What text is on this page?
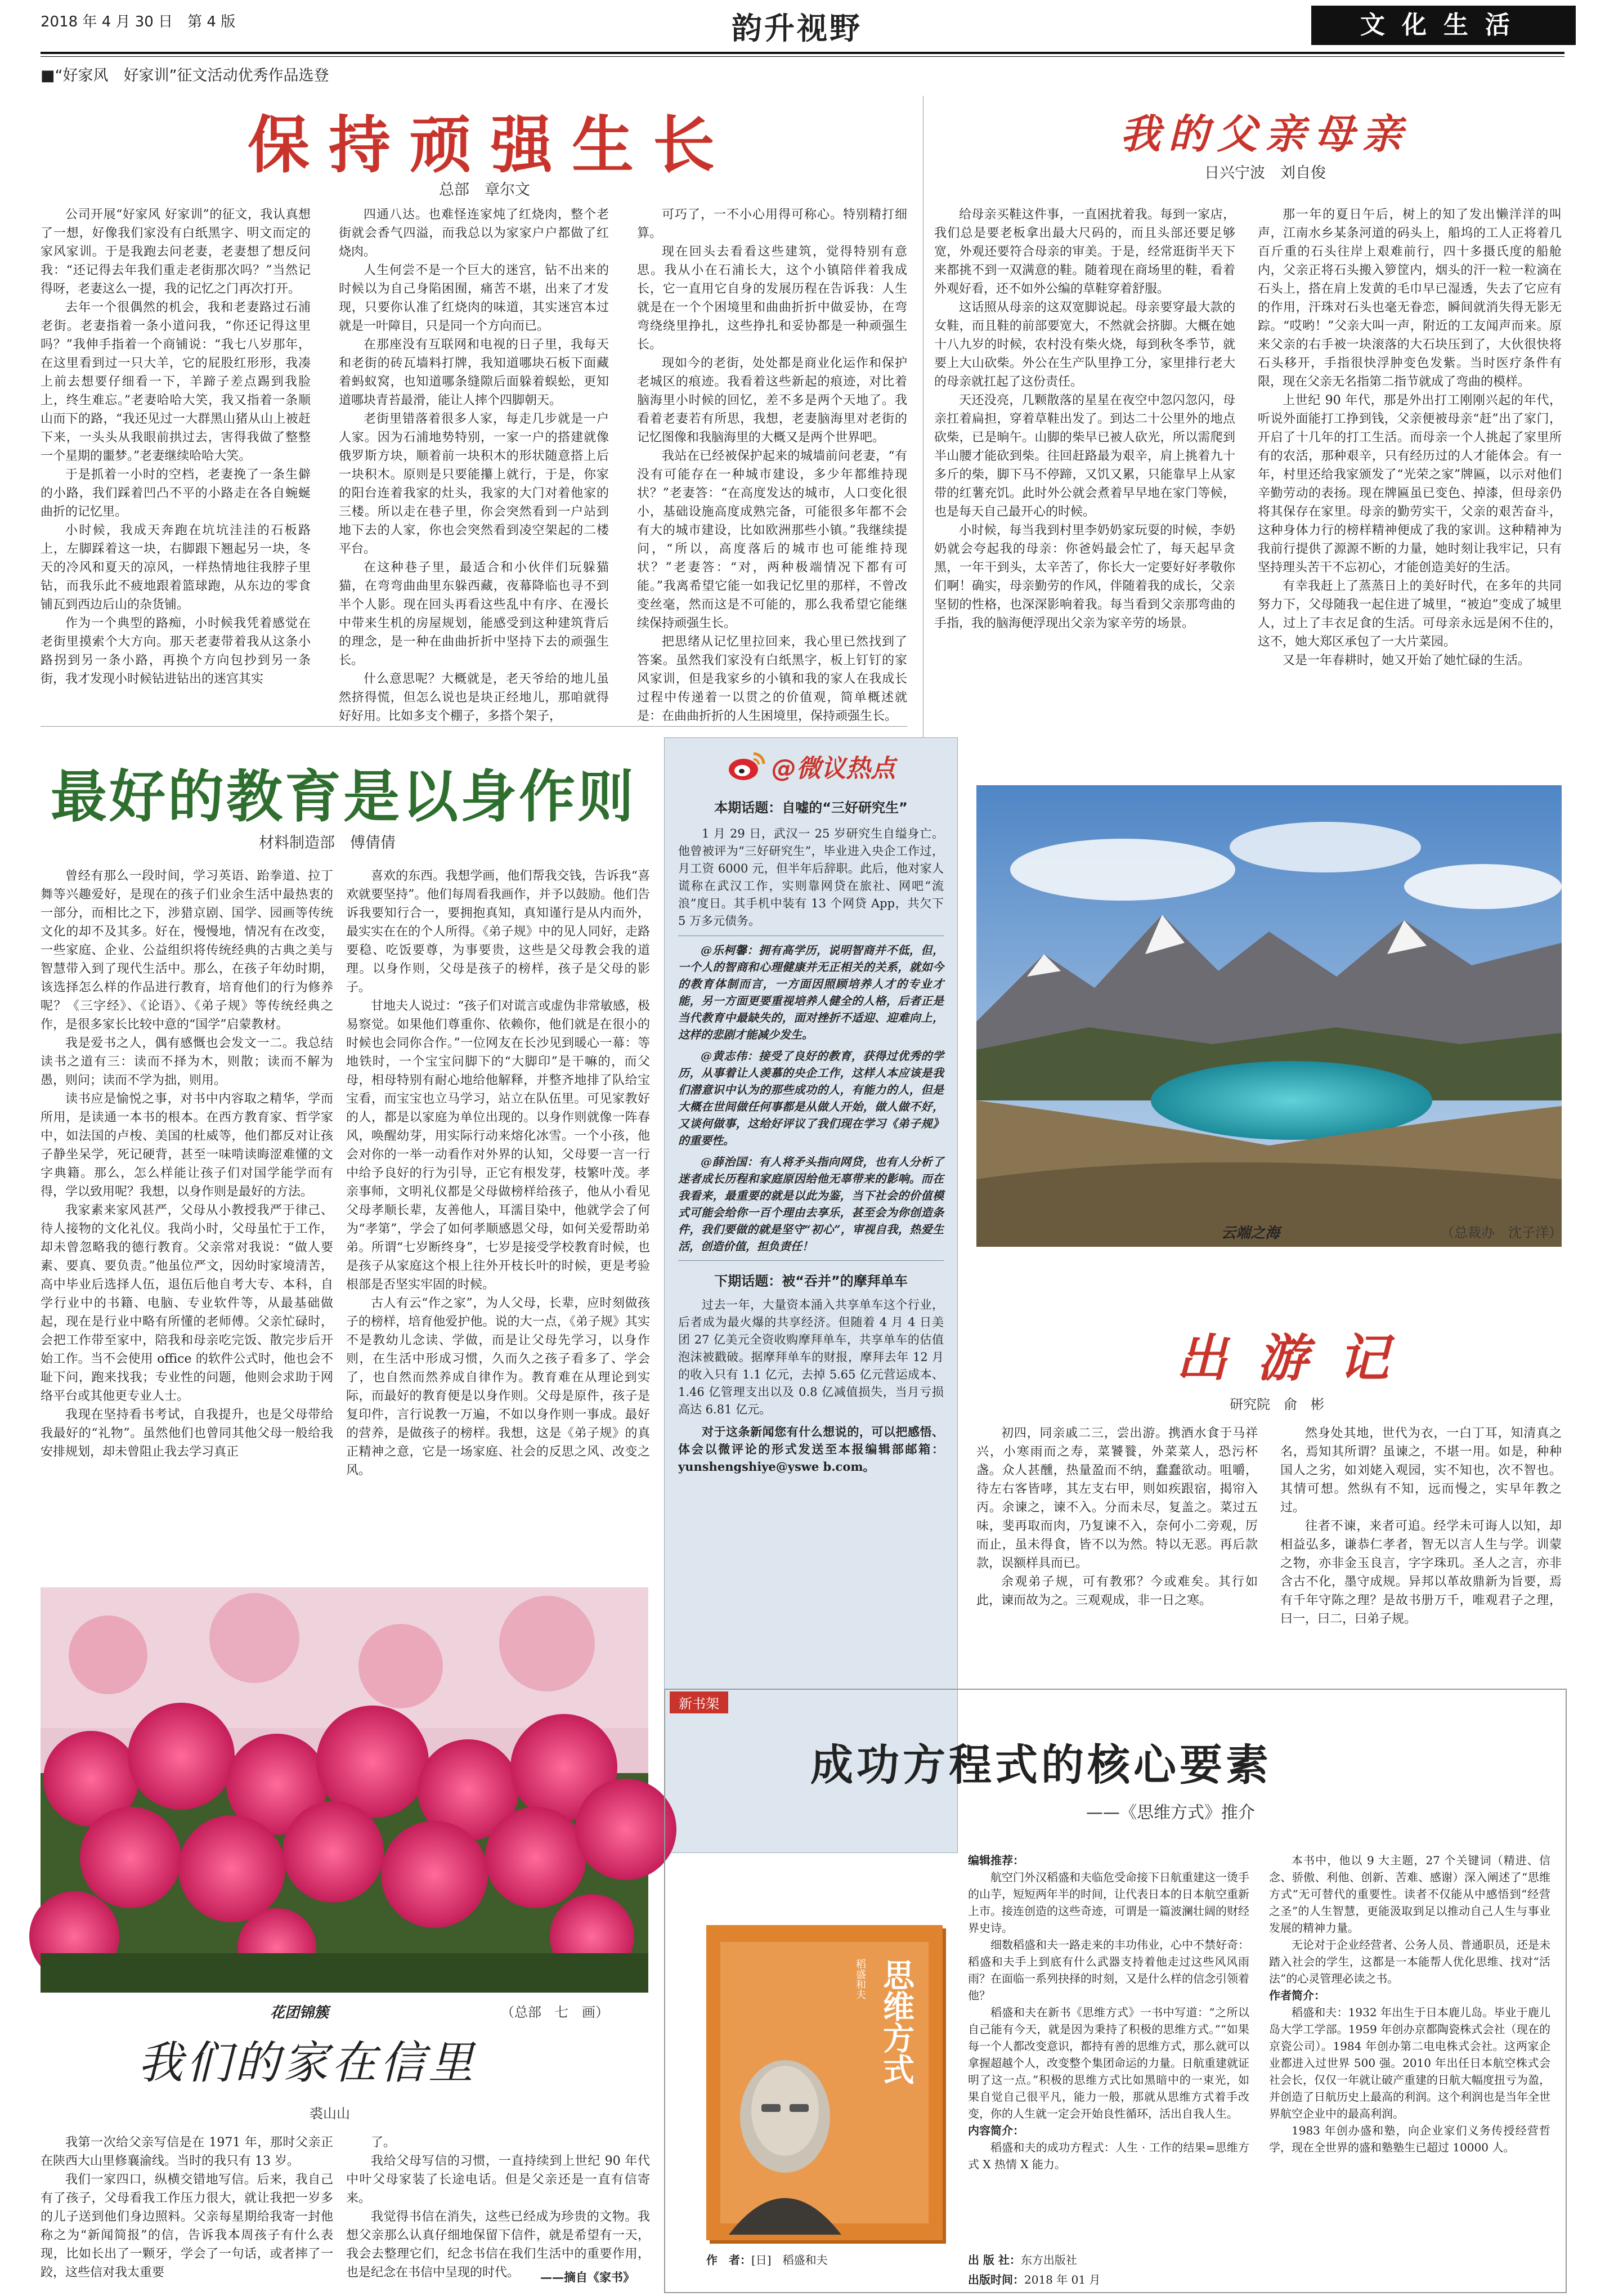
2018 年 4 月 30 日　第 4 版	韵升视野	文化生活
■“好家风　好家训”征文活动优秀作品选登
保持顽强生长
总部　章尔文

公司开展“好家风 好家训”的征文，我认真想了一想，好像我们家没有白纸黑字、明文而定的家风家训。于是我跑去问老妻，老妻想了想反问我：“还记得去年我们重走老街那次吗？”当然记得呀，老妻这么一提，我的记忆之门再次打开。

去年一个很偶然的机会，我和老妻路过石浦老街。老妻指着一条小道问我，“你还记得这里吗？”我伸手指着一个商铺说：“我七八岁那年，在这里看到过一只大羊，它的屁股红形形，我凑上前去想要仔细看一下，羊蹄子差点踢到我脸上，终生难忘。”老妻哈哈大笑，我又指着一条顺山而下的路，“我还见过一大群黑山猪从山上被赶下来，一头头从我眼前拱过去，害得我做了整整一个星期的噩梦。”老妻继续哈哈大笑。

于是抓着一小时的空档，老妻挽了一条生僻的小路，我们踩着凹凸不平的小路走在各自蜿蜒曲折的记忆里。

小时候，我成天奔跑在坑坑洼洼的石板路上，左脚踩着这一块，右脚跟下翘起另一块，冬天的冷风和夏天的凉风，一样热情地往我脖子里钻，而我乐此不疲地跟着篮球跑，从东边的零食铺瓦到西边后山的杂货铺。

作为一个典型的路痴，小时候我凭着感觉在老街里摸索个大方向。那天老妻带着我从这条小路拐到另一条小路，再换个方向包抄到另一条街，我才发现小时候钻进钻出的迷宫其实

四通八达。也难怪连家炖了红烧肉，整个老街就会香气四溢，而我总以为家家户户都做了红烧肉。

人生何尝不是一个巨大的迷宫，钻不出来的时候以为自己身陷困囿，痛苦不堪，出来了才发现，只要你认准了红烧肉的味道，其实迷宫本过就是一叶障目，只是同一个方向而已。

在那座没有互联网和电视的日子里，我每天和老街的砖瓦墙料打牌，我知道哪块石板下面藏着蚂蚁窝，也知道哪条缝隙后面躲着蜈蚣，更知道哪块青苔最滑，能让人摔个四脚朝天。

老街里错落着很多人家，每走几步就是一户人家。因为石浦地势特别，一家一户的搭建就像俄罗斯方块，顺着前一块积木的形状随意搭上后一块积木。原则是只要能攥上就行，于是，你家的阳台连着我家的灶头，我家的大门对着他家的三楼。所以走在巷子里，你会突然看到一户站到地下去的人家，你也会突然看到凌空架起的二楼平台。

在这种巷子里，最适合和小伙伴们玩躲猫猫，在弯弯曲曲里东躲西藏，夜幕降临也寻不到半个人影。现在回头再看这些乱中有序、在漫长中带来生机的房屋规划，能感受到这种建筑背后的理念，是一种在曲曲折折中坚持下去的顽强生长。

什么意思呢？大概就是，老天爷给的地儿虽然挤得慌，但怎么说也是块正经地儿，那咱就得好好用。比如多支个棚子，多搭个架子，

可巧了，一不小心用得可称心。特别精打细算。

现在回头去看看这些建筑，觉得特别有意思。我从小在石浦长大，这个小镇陪伴着我成长，它一直用它自身的发展历程在告诉我：人生就是在一个个困境里和曲曲折折中做妥协，在弯弯绕绕里挣扎，这些挣扎和妥协都是一种顽强生长。

现如今的老街，处处都是商业化运作和保护老城区的痕迹。我看着这些新起的痕迹，对比着脑海里小时候的回忆，差不多是两个天地了。我看着老妻若有所思，我想，老妻脑海里对老街的记忆图像和我脑海里的大概又是两个世界吧。

我站在已经被保护起来的城墙前问老妻，“有没有可能存在一种城市建设，多少年都维持现状？”老妻答：“在高度发达的城市，人口变化很小，基础设施高度成熟完备，可能很多年都不会有大的城市建设，比如欧洲那些小镇。”我继续提问，“所以，高度落后的城市也可能维持现状？”老妻答：“对，两种极端情况下都有可能。”我离希望它能一如我记忆里的那样，不曾改变丝毫，然而这是不可能的，那么我希望它能继续保持顽强生长。

把思绪从记忆里拉回来，我心里已然找到了答案。虽然我们家没有白纸黑字，板上钉钉的家风家训，但是我家乡的小镇和我的家人在我成长过程中传递着一以贯之的价值观，简单概述就是：在曲曲折折的人生困境里，保持顽强生长。

我的父亲母亲
日兴宁波　刘自俊

给母亲买鞋这件事，一直困扰着我。每到一家店，我们总是要老板拿出最大尺码的，而且头部还要足够宽，外观还要符合母亲的审美。于是，经常逛街半天下来都挑不到一双满意的鞋。随着现在商场里的鞋，看着外观好看，还不如外公编的草鞋穿着舒服。

这话照从母亲的这双宽脚说起。母亲要穿最大款的女鞋，而且鞋的前部要宽大，不然就会挤脚。大概在她十八九岁的时候，农村没有柴火烧，每到秋冬季节，就要上大山砍柴。外公在生产队里挣工分，家里排行老大的母亲就扛起了这份责任。

天还没亮，几颗散落的星星在夜空中忽闪忽闪，母亲扛着扁担，穿着草鞋出发了。到达二十公里外的地点砍柴，已是晌午。山脚的柴早已被人砍光，所以需爬到半山腰才能砍到柴。往回赶路最为艰辛，肩上挑着九十多斤的柴，脚下马不停蹄，又饥又累，只能靠早上从家带的红薯充饥。此时外公就会煮着早早地在家门等候，也是每天自己最开心的时候。

小时候，每当我到村里李奶奶家玩耍的时候，李奶奶就会夸起我的母亲：你爸妈最会忙了，每天起早贪黑，一年干到头，太辛苦了，你长大一定要好好孝敬你们啊！确实，母亲勤劳的作风，伴随着我的成长，父亲坚韧的性格，也深深影响着我。每当看到父亲那弯曲的手指，我的脑海便浮现出父亲为家辛劳的场景。

那一年的夏日午后，树上的知了发出懒洋洋的叫声，江南水乡某条河道的码头上，船坞的工人正将着几百斤重的石头往岸上艰难前行，四十多摄氏度的船舱内，父亲正将石头搬入箩筐内，烟头的汗一粒一粒滴在石头上，搭在肩上发黄的毛巾早已湿透，失去了它应有的作用，汗珠对石头也毫无眷恋，瞬间就消失得无影无踪。“哎哟！”父亲大叫一声，附近的工友闻声而来。原来父亲的右手被一块滚落的大石块压到了，大伙很快将石头移开，手指很快浮肿变色发紫。当时医疗条件有限，现在父亲无名指第二指节就成了弯曲的模样。

上世纪 90 年代，那是外出打工刚刚兴起的年代，听说外面能打工挣到钱，父亲便被母亲“赶”出了家门，开启了十几年的打工生活。而母亲一个人挑起了家里所有的农活，那种艰辛，只有经历过的人才能体会。有一年，村里还给我家颁发了“光荣之家”牌匾，以示对他们辛勤劳动的表扬。现在牌匾虽已变色、掉漆，但母亲仍将其保存在家里。母亲的勤劳实干，父亲的艰苦奋斗，这种身体力行的榜样精神便成了我的家训。这种精神为我前行提供了源源不断的力量，她时刻让我牢记，只有坚持理头苦干不忘初心，才能创造美好的生活。

有幸我赶上了蒸蒸日上的美好时代，在多年的共同努力下，父母随我一起住进了城里，“被迫”变成了城里人，过上了丰衣足食的生活。可母亲永远是闲不住的，这不，她大郑区承包了一大片菜园。

又是一年春耕时，她又开始了她忙碌的生活。

最好的教育是以身作则
材料制造部　傅倩倩

曾经有那么一段时间，学习英语、跆拳道、拉丁舞等兴趣爱好，是现在的孩子们业余生活中最热衷的一部分，而相比之下，涉猎京剧、国学、园画等传统文化的却不及其多。好在，慢慢地，情况有在改变，一些家庭、企业、公益组织将传统经典的古典之美与智慧带入到了现代生活中。那么，在孩子年幼时期，该选择怎么样的作品进行教育，培育他们的行为修养呢？《三字经》、《论语》、《弟子规》等传统经典之作，是很多家长比较中意的“国学”启蒙教材。

我是爱书之人，偶有感慨也会发文一二。我总结读书之道有三：读而不择为木，则散；读而不解为愚，则问；读而不学为拙，则用。

读书应是愉悦之事，对书中内容取之精华，学而所用，是读通一本书的根本。在西方教育家、哲学家中，如法国的卢梭、美国的杜威等，他们都反对让孩子静坐呆学，死记硬背，甚至一味啃读晦涩难懂的文字典籍。那么，怎么样能让孩子们对国学能学而有得，学以致用呢？我想，以身作则是最好的方法。

我家素来家风甚严，父母从小教授我严于律己、待人接物的文化礼仪。我尚小时，父母虽忙于工作，却未曾忽略我的德行教育。父亲常对我说：“做人要素、要真、要负责。”他虽位严文，因幼时家境清苦，高中毕业后选择人伍，退伍后他自考大专、本科，自学行业中的书籍、电脑、专业软件等，从最基础做起，现在是行业中略有所懂的老师傅。父亲忙碌时，会把工作带至家中，陪我和母亲吃完饭、散完步后开始工作。当不会使用 office 的软件公式时，他也会不耻下问，跑来找我；专业性的问题，他则会求助于网络平台或其他更专业人士。

我现在坚持看书考试，自我提升，也是父母带给我最好的“礼物”。虽然他们也曾同其他父母一般给我安排规划，却未曾阻止我去学习真正

喜欢的东西。我想学画，他们帮我交钱，告诉我“喜欢就要坚持”。他们每周看我画作，并予以鼓励。他们告诉我要知行合一，要拥抱真知，真知谨行是从内而外，最实实在在的个人所得。《弟子规》中的见人同好，走路要稳、吃饭要尊，为事要贵，这些是父母教会我的道理。以身作则，父母是孩子的榜样，孩子是父母的影子。

甘地夫人说过：“孩子们对谎言或虚伪非常敏感，极易察觉。如果他们尊重你、依赖你，他们就是在很小的时候也会同你合作。”一位网友在长沙见到暖心一幕：等地铁时，一个宝宝问脚下的“大脚印”是干嘛的，而父母，相母特别有耐心地给他解释，并整齐地排了队给宝宝看，而宝宝也立马学习，站立在队伍里。可见家教好的人，都是以家庭为单位出现的。以身作则就像一阵春风，唤醒幼芽，用实际行动来熔化冰雪。一个小孩，他会对你的一举一动看作对外界的认知，父母要一言一行中给予良好的行为引导，正它有根发芽，枝繁叶茂。孝亲事师，文明礼仪都是父母做榜样给孩子，他从小看见父母孝顺长辈，友善他人，耳濡目染中，他就学会了何为“孝第”，学会了如何孝顺感恩父母，如何关爱帮助弟弟。所谓“七岁断终身”，七岁是接受学校教育时候，也是孩子从家庭这个根上往外开枝长叶的时候，更是考验根部是否坚实牢固的时候。

古人有云“作之家”，为人父母，长辈，应时刻做孩子的榜样，培育他爱护他。说的大一点，《弟子规》其实不是教幼儿念读、学做，而是让父母先学习，以身作则，在生活中形成习惯，久而久之孩子看多了、学会了，也自然而然养成自律作为。教育难在从理论到实际，而最好的教育便是以身作则。父母是原件，孩子是复印件，言行说教一万遍，不如以身作则一事成。最好的营养，是做孩子的榜样。我想，这是《弟子规》的真正精神之意，它是一场家庭、社会的反思之风、改变之风。

@微议热点
本期话题：自嘘的“三好研究生”

1 月 29 日，武汉一 25 岁研究生自缢身亡。他曾被评为“三好研究生”，毕业进入央企工作过，月工资 6000 元，但半年后辞职。此后，他对家人谎称在武汉工作，实则靠网贷在旅社、网吧“流浪”度日。其手机中装有 13 个网贷 App，共欠下 5 万多元债务。

@乐柯馨：拥有高学历，说明智商并不低，但，一个人的智商和心理健康并无正相关的关系，就如今的教育体制而言，一方面因照顾培养人才的专业才能，另一方面更要重视培养人健全的人格，后者正是当代教育中最缺失的，面对挫折不适迎、迎难向上，这样的悲剧才能减少发生。

@黄志伟：接受了良好的教育，获得过优秀的学历，从事着让人羡慕的央企工作，这样人本应该是我们潜意识中认为的那些成功的人，有能力的人，但是大概在世间做任何事都是从做人开始，做人做不好，又谈何做事，这给好评议了我们现在学习《弟子规》的重要性。

@薛治国：有人将矛头指向网贷，也有人分析了迷者成长历程和家庭原因给他无辜带来的影响。而在我看来，最重要的就是以此为鉴，当下社会的价值模式可能会给你一百个理由去享乐，甚至会为你创造条件，我们要做的就是坚守“初心”，审视自我，热爱生活，创造价值，担负责任！

下期话题：被“吞并”的摩拜单车

过去一年，大量资本涌入共享单车这个行业，后者成为最火爆的共享经济。但随着 4 月 4 日美团 27 亿美元全资收购摩拜单车，共享单车的估值泡沫被戳破。据摩拜单车的财报，摩拜去年 12 月的收入只有 1.1 亿元，去掉 5.65 亿元营运成本、1.46 亿管理支出以及 0.8 亿减值损失，当月亏损高达 6.81 亿元。

对于这条新闻您有什么想说的，可以把感悟、体会以微评论的形式发送至本报编辑部邮箱：yunshengshiye@yswe b.com。

云端之海	（总裁办　沈子洋）
出游记
研究院　俞　彬

初四，同亲戚二三，尝出游。携酒水食于马祥兴，小寒雨而之寿，菜饕餮，外菜菜人，恐污杯盏。众人甚醺，热量盈而不纳，蠢蠢欲动。咀嚼，待左右客皆哮，其左支右甲，则如疾跟宿，揭帘入丙。余谏之，谏不入。分而未尽，复盖之。菜过五味，斐再取而肉，乃复谏不入，奈何小二旁观，厉而止，虽未得食，皆不以为然。特以无恶。再后款款，误额样具而已。

余观弟子规，可有教邪？今或难矣。其行如此，谏而故为之。三观观成，非一日之寒。

然身处其地，世代为衣，一白丁耳，知清真之名，焉知其所谓？虽谏之，不堪一用。如是，种种国人之劣，如刘姥入观园，实不知也，次不智也。其情可想。然纵有不知，远而慢之，实早年教之过。

往者不谏，来者可追。经学未可诲人以知，却相益弘多，谦恭仁孝者，智无以言人生与学。训蒙之物，亦非金玉良言，字字珠玑。圣人之言，亦非含古不化，墨守成规。异邦以革故鼎新为旨要，焉有千年守陈之理？是故书册万千，唯观君子之理，曰一，曰二，曰弟子规。

花团锦簇	（总部　七　画）
我们的家在信里
裘山山

我第一次给父亲写信是在 1971 年，那时父亲正在陕西大山里修襄渝线。当时的我只有 13 岁。

我们一家四口，纵横交错地写信。后来，我自己有了孩子，父母看我工作压力很大，就让我把一岁多的儿子送到他们身边照料。父亲每星期给我寄一封他称之为“新闻简报”的信，告诉我本周孩子有什么表现，比如长出了一颗牙，学会了一句话，或者摔了一跤，这些信对我太重要

了。

我给父母写信的习惯，一直持续到上世纪 90 年代中叶父母家装了长途电话。但是父亲还是一直有信寄来。

我觉得书信在消失，这些已经成为珍贵的文物。我想父亲那么认真仔细地保留下信件，就是希望有一天，我会去整理它们，纪念书信在我们生活中的重要作用，也是纪念在书信中呈现的时代。	——摘自《家书》
新书架
成功方程式的核心要素
——《思维方式》推介
思维方式
稻盛和夫
作　者：[日]　稻盛和夫	出 版 社：东方出版社
出版时间：2018 年 01 月
编辑推荐：

航空门外汉稻盛和夫临危受命接下日航重建这一烫手的山芋，短短两年半的时间，让代表日本的日本航空重新上市。接连创造的这些奇迹，可谓是一篇波澜壮阔的财经界史诗。

细数稻盛和夫一路走来的丰功伟业，心中不禁好奇：稻盛和夫手上到底有什么武器支持着他走过这些风风雨雨？在面临一系列抉择的时刻，又是什么样的信念引领着他？

稻盛和夫在新书《思维方式》一书中写道：“之所以自己能有今天，就是因为秉持了积极的思维方式。”“如果每一个人都改变意识，都持有善的思维方式，那么就可以拿握超越个人，改变整个集团命运的力量。日航重建就证明了这一点。”积极的思维方式比如黑暗中的一束光，如果自觉自己很平凡，能力一般，那就从思维方式着手改变，你的人生就一定会开始良性循环，活出自我人生。

内容简介：

稻盛和夫的成功方程式：人生 · 工作的结果=思维方式 X 热情 X 能力。

本书中，他以 9 大主题，27 个关键词（精进、信念、骄傲、利他、创新、苦难、感谢）深入阐述了“思维方式”无可替代的重要性。读者不仅能从中感悟到“经营之圣”的人生智慧，更能汲取到足以推动自己人生与事业发展的精神力量。

无论对于企业经营者、公务人员、普通职员，还是未踏入社会的学生，这都是一本能帮人优化思维、找对“活法”的心灵管理必读之书。

作者简介：

稻盛和夫：1932 年出生于日本鹿儿岛。毕业于鹿儿岛大学工学部。1959 年创办京都陶瓷株式会社（现在的京瓷公司）。1984 年创办第二电电株式会社。这两家企业都进入过世界 500 强。2010 年出任日本航空株式会社会长，仅仅一年就让破产重建的日航大幅度扭亏为盈，并创造了日航历史上最高的利润。这个利润也是当年全世界航空企业中的最高利润。

1983 年创办盛和塾，向企业家们义务传授经营哲学，现在全世界的盛和塾塾生已超过 10000 人。
